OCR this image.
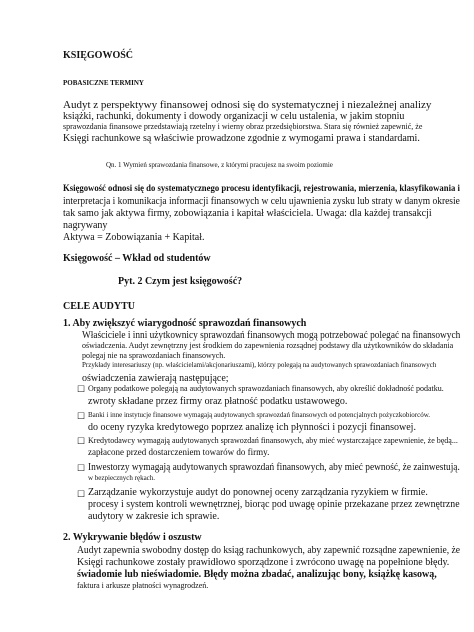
KSIĘGOWOŚĆ
POBASICZNE TERMINY
Audyt z perspektywy finansowej odnosi się do systematycznej i niezależnej analizy
książki, rachunki, dokumenty i dowody organizacji w celu ustalenia, w jakim stopniu
sprawozdania finansowe przedstawiają rzetelny i wierny obraz przedsiębiorstwa. Stara się również zapewnić, że
Księgi rachunkowe są właściwie prowadzone zgodnie z wymogami prawa i standardami.
Qn. 1 Wymień sprawozdania finansowe, z którymi pracujesz na swoim poziomie
Księgowość odnosi się do systematycznego procesu identyfikacji, rejestrowania, mierzenia, klasyfikowania i
interpretacja i komunikacja informacji finansowych w celu ujawnienia zysku lub straty w danym okresie
tak samo jak aktywa firmy, zobowiązania i kapitał właściciela. Uwaga: dla każdej transakcji
nagrywany
Aktywa = Zobowiązania + Kapitał.
Księgowość – Wkład od studentów
Pyt. 2 Czym jest księgowość?
CELE AUDYTU
1. Aby zwiększyć wiarygodność sprawozdań finansowych
Właściciele i inni użytkownicy sprawozdań finansowych mogą potrzebować polegać na finansowych
oświadczenia. Audyt zewnętrzny jest środkiem do zapewnienia rozsądnej podstawy dla użytkowników do składania
polegaj nie na sprawozdaniach finansowych.
Przykłady interesariuszy (np. właścicielami/akcjonariuszami), którzy polegają na audytowanych sprawozdaniach finansowych
oświadczenia zawierają następujące;
☐ Organy podatkowe polegają na audytowanych sprawozdaniach finansowych, aby określić dokładność podatku.
zwroty składane przez firmy oraz płatność podatku ustawowego.
☐ Banki i inne instytucje finansowe wymagają audytowanych sprawozdań finansowych od potencjalnych pożyczkobiorców.
do oceny ryzyka kredytowego poprzez analizę ich płynności i pozycji finansowej.
☐ Kredytodawcy wymagają audytowanych sprawozdań finansowych, aby mieć wystarczające zapewnienie, że będą...
zapłacone przed dostarczeniem towarów do firmy.
☐ Inwestorzy wymagają audytowanych sprawozdań finansowych, aby mieć pewność, że zainwestują.
w bezpiecznych rękach.
☐ Zarządzanie wykorzystuje audyt do ponownej oceny zarządzania ryzykiem w firmie.
procesy i system kontroli wewnętrznej, biorąc pod uwagę opinie przekazane przez zewnętrzne
audytory w zakresie ich sprawie.
2. Wykrywanie błędów i oszustw
Audyt zapewnia swobodny dostęp do ksiąg rachunkowych, aby zapewnić rozsądne zapewnienie, że
Księgi rachunkowe zostały prawidłowo sporządzone i zwrócono uwagę na popełnione błędy.
świadomie lub nieświadomie. Błędy można zbadać, analizując bony, książkę kasową,
faktura i arkusze płatności wynagrodzeń.
